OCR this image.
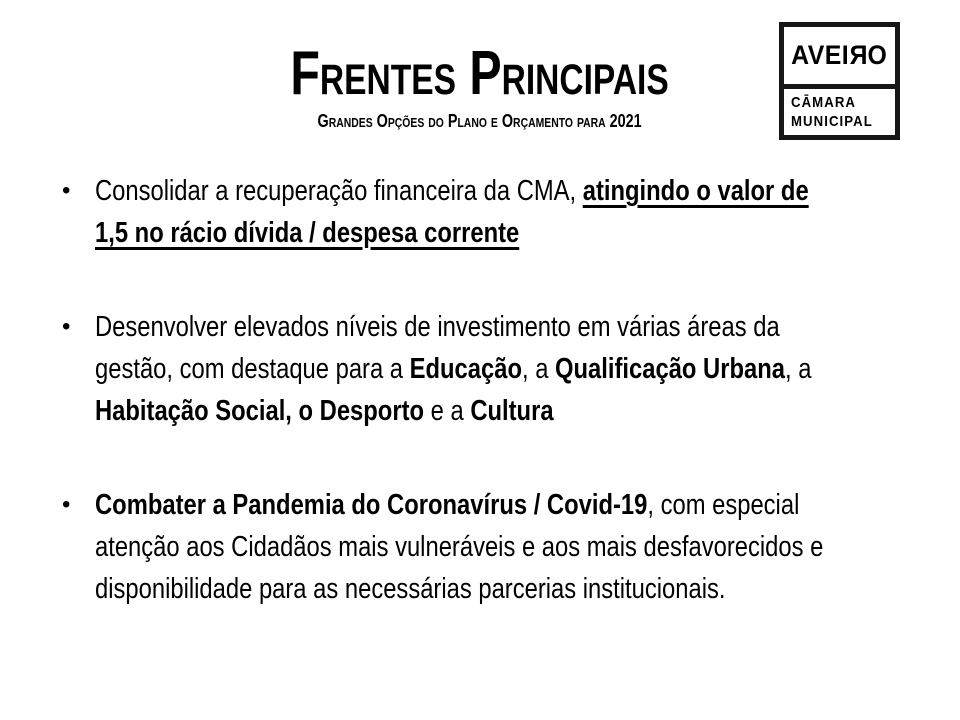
Frentes Principais
Grandes Opções do Plano e Orçamento para 2021
AVEIRO
CĀMARA
MUNICIPAL
• Consolidar a recuperação financeira da CMA, atingindo o valor de
1,5 no rácio dívida / despesa corrente
• Desenvolver elevados níveis de investimento em várias áreas da
gestão, com destaque para a Educação, a Qualificação Urbana, a
Habitação Social, o Desporto e a Cultura
• Combater a Pandemia do Coronavírus / Covid-19, com especial
atenção aos Cidadãos mais vulneráveis e aos mais desfavorecidos e
disponibilidade para as necessárias parcerias institucionais.
